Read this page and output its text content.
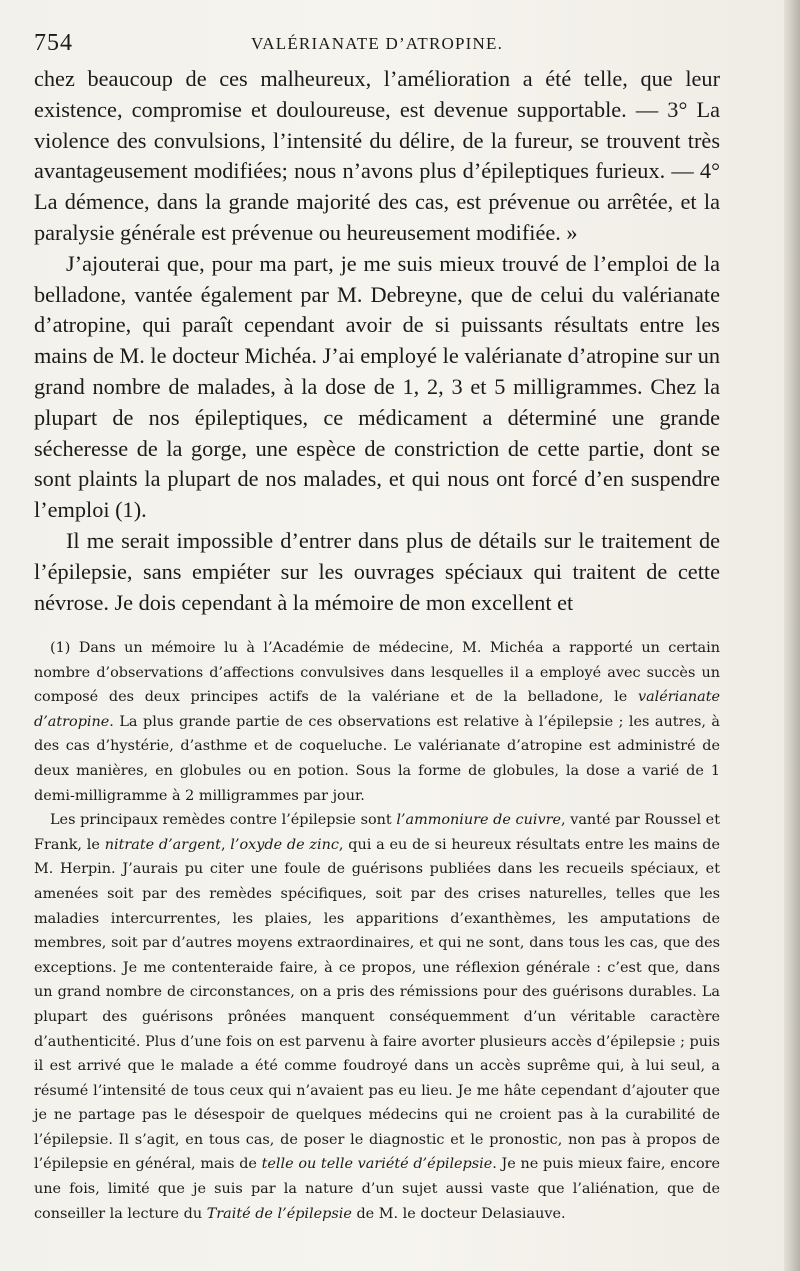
754	VALÉRIANATE D’ATROPINE.

chez beaucoup de ces malheureux, l’amélioration a été telle, que leur existence, compromise et douloureuse, est devenue supportable. — 3° La violence des convulsions, l’intensité du délire, de la fureur, se trouvent très avantageusement modifiées; nous n’avons plus d’épileptiques furieux. — 4° La démence, dans la grande majorité des cas, est prévenue ou arrêtée, et la paralysie générale est prévenue ou heureusement modifiée. »

J’ajouterai que, pour ma part, je me suis mieux trouvé de l’emploi de la belladone, vantée également par M. Debreyne, que de celui du valérianate d’atropine, qui paraît cependant avoir de si puissants résultats entre les mains de M. le docteur Michéa. J’ai employé le valérianate d’atropine sur un grand nombre de malades, à la dose de 1, 2, 3 et 5 milligrammes. Chez la plupart de nos épileptiques, ce médicament a déterminé une grande sécheresse de la gorge, une espèce de constriction de cette partie, dont se sont plaints la plupart de nos malades, et qui nous ont forcé d’en suspendre l’emploi (1).

Il me serait impossible d’entrer dans plus de détails sur le traitement de l’épilepsie, sans empiéter sur les ouvrages spéciaux qui traitent de cette névrose. Je dois cependant à la mémoire de mon excellent et

(1) Dans un mémoire lu à l’Académie de médecine, M. Michéa a rapporté un certain nombre d’observations d’affections convulsives dans lesquelles il a employé avec succès un composé des deux principes actifs de la valériane et de la belladone, le valérianate d’atropine. La plus grande partie de ces observations est relative à l’épilepsie ; les autres, à des cas d’hystérie, d’asthme et de coqueluche. Le valérianate d’atropine est administré de deux manières, en globules ou en potion. Sous la forme de globules, la dose a varié de 1 demi-milligramme à 2 milligrammes par jour.

Les principaux remèdes contre l’épilepsie sont l’ammoniure de cuivre, vanté par Roussel et Frank, le nitrate d’argent, l’oxyde de zinc, qui a eu de si heureux résultats entre les mains de M. Herpin. J’aurais pu citer une foule de guérisons publiées dans les recueils spéciaux, et amenées soit par des remèdes spécifiques, soit par des crises naturelles, telles que les maladies intercurrentes, les plaies, les apparitions d’exanthèmes, les amputations de membres, soit par d’autres moyens extraordinaires, et qui ne sont, dans tous les cas, que des exceptions. Je me contenteraide faire, à ce propos, une réflexion générale : c’est que, dans un grand nombre de circonstances, on a pris des rémissions pour des guérisons durables. La plupart des guérisons prônées manquent conséquemment d’un véritable caractère d’authenticité. Plus d’une fois on est parvenu à faire avorter plusieurs accès d’épilepsie ; puis il est arrivé que le malade a été comme foudroyé dans un accès suprême qui, à lui seul, a résumé l’intensité de tous ceux qui n’avaient pas eu lieu. Je me hâte cependant d’ajouter que je ne partage pas le désespoir de quelques médecins qui ne croient pas à la curabilité de l’épilepsie. Il s’agit, en tous cas, de poser le diagnostic et le pronostic, non pas à propos de l’épilepsie en général, mais de telle ou telle variété d’épilepsie. Je ne puis mieux faire, encore une fois, limité que je suis par la nature d’un sujet aussi vaste que l’aliénation, que de conseiller la lecture du Traité de l’épilepsie de M. le docteur Delasiauve.
